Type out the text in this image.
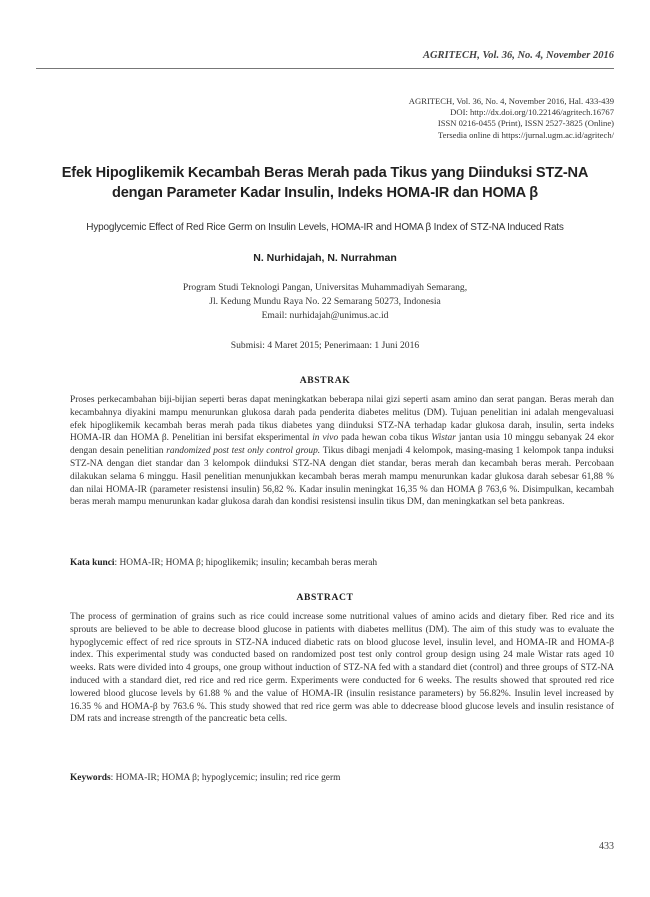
AGRITECH, Vol. 36, No. 4, November 2016
AGRITECH, Vol. 36, No. 4, November 2016, Hal. 433-439
DOI: http://dx.doi.org/10.22146/agritech.16767
ISSN 0216-0455 (Print), ISSN 2527-3825 (Online)
Tersedia online di https://jurnal.ugm.ac.id/agritech/
Efek Hipoglikemik Kecambah Beras Merah pada Tikus yang Diinduksi STZ-NA
dengan Parameter Kadar Insulin, Indeks HOMA-IR dan HOMA β
Hypoglycemic Effect of Red Rice Germ on Insulin Levels, HOMA-IR and HOMA β Index of STZ-NA Induced Rats
N. Nurhidajah, N. Nurrahman
Program Studi Teknologi Pangan, Universitas Muhammadiyah Semarang,
Jl. Kedung Mundu Raya No. 22 Semarang 50273, Indonesia
Email: nurhidajah@unimus.ac.id
Submisi: 4 Maret 2015; Penerimaan: 1 Juni 2016
ABSTRAK
Proses perkecambahan biji-bijian seperti beras dapat meningkatkan beberapa nilai gizi seperti asam amino dan serat pangan. Beras merah dan kecambahnya diyakini mampu menurunkan glukosa darah pada penderita diabetes melitus (DM). Tujuan penelitian ini adalah mengevaluasi efek hipoglikemik kecambah beras merah pada tikus diabetes yang diinduksi STZ-NA terhadap kadar glukosa darah, insulin, serta indeks HOMA-IR dan HOMA β. Penelitian ini bersifat eksperimental in vivo pada hewan coba tikus Wistar jantan usia 10 minggu sebanyak 24 ekor dengan desain penelitian randomized post test only control group. Tikus dibagi menjadi 4 kelompok, masing-masing 1 kelompok tanpa induksi STZ-NA dengan diet standar dan 3 kelompok diinduksi STZ-NA dengan diet standar, beras merah dan kecambah beras merah. Percobaan dilakukan selama 6 minggu. Hasil penelitian menunjukkan kecambah beras merah mampu menurunkan kadar glukosa darah sebesar 61,88 % dan nilai HOMA-IR (parameter resistensi insulin) 56,82 %. Kadar insulin meningkat 16,35 % dan HOMA β 763,6 %. Disimpulkan, kecambah beras merah mampu menurunkan kadar glukosa darah dan kondisi resistensi insulin tikus DM, dan meningkatkan sel beta pankreas.
Kata kunci: HOMA-IR; HOMA β; hipoglikemik; insulin; kecambah beras merah
ABSTRACT
The process of germination of grains such as rice could increase some nutritional values of amino acids and dietary fiber. Red rice and its sprouts are believed to be able to decrease blood glucose in patients with diabetes mellitus (DM). The aim of this study was to evaluate the hypoglycemic effect of red rice sprouts in STZ-NA induced diabetic rats on blood glucose level, insulin level, and HOMA-IR and HOMA-β index. This experimental study was conducted based on randomized post test only control group design using 24 male Wistar rats aged 10 weeks. Rats were divided into 4 groups, one group without induction of STZ-NA fed with a standard diet (control) and three groups of STZ-NA induced with a standard diet, red rice and red rice germ. Experiments were conducted for 6 weeks. The results showed that sprouted red rice lowered blood glucose levels by 61.88 % and the value of HOMA-IR (insulin resistance parameters) by 56.82%. Insulin level increased by 16.35 % and HOMA-β by 763.6 %. This study showed that red rice germ was able to ddecrease blood glucose levels and insulin resistance of DM rats and increase strength of the pancreatic beta cells.
Keywords: HOMA-IR; HOMA β; hypoglycemic; insulin; red rice germ
433
